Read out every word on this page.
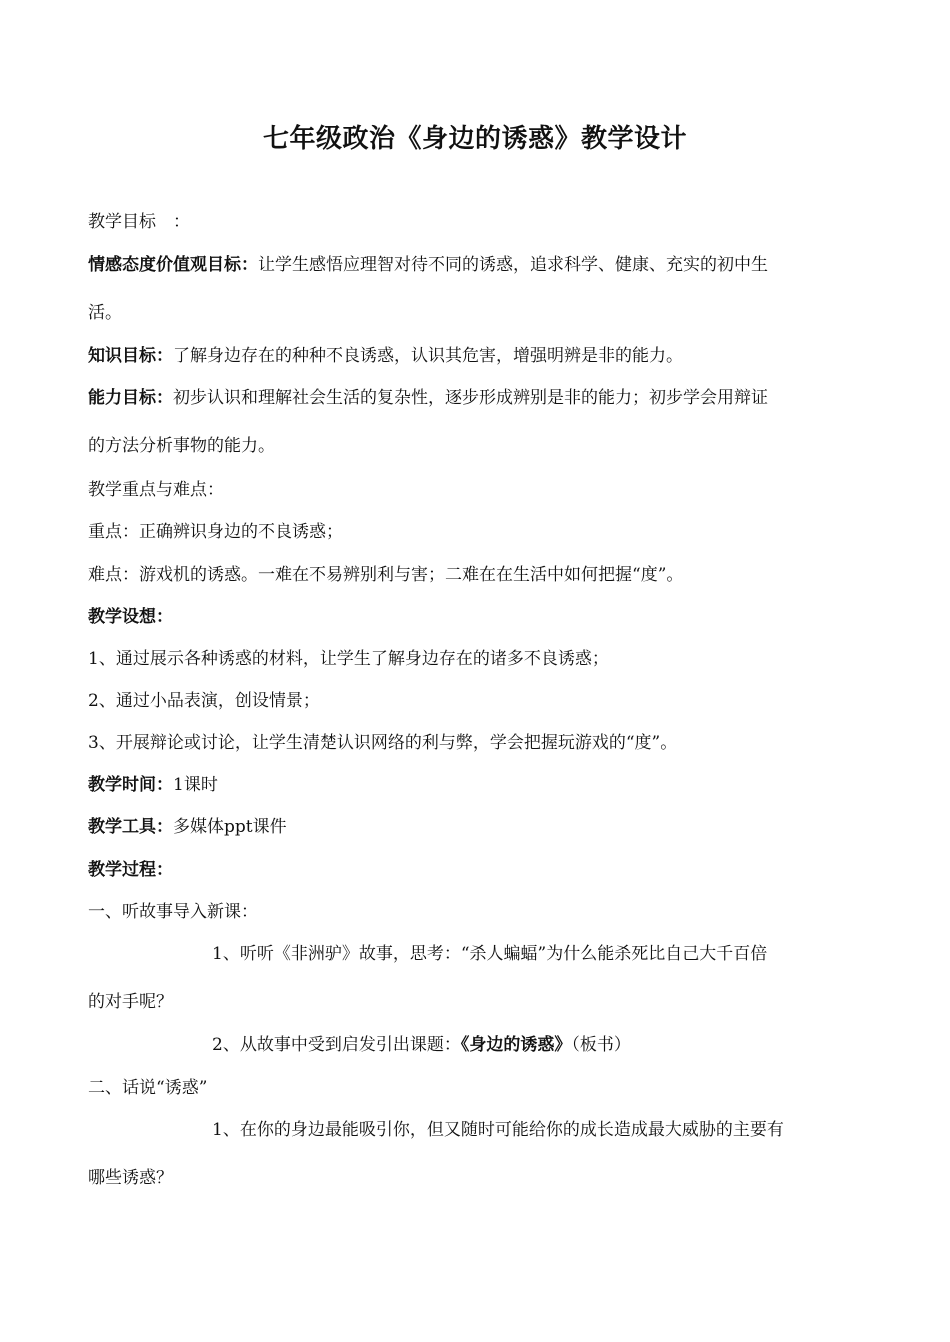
七年级政治《身边的诱惑》教学设计
教学目标　：
情感态度价值观目标：让学生感悟应理智对待不同的诱惑，追求科学、健康、充实的初中生
活。
知识目标：了解身边存在的种种不良诱惑，认识其危害，增强明辨是非的能力。
能力目标：初步认识和理解社会生活的复杂性，逐步形成辨别是非的能力；初步学会用辩证
的方法分析事物的能力。
教学重点与难点：
重点：正确辨识身边的不良诱惑；
难点：游戏机的诱惑。一难在不易辨别利与害；二难在在生活中如何把握“度”。
教学设想：
1、通过展示各种诱惑的材料，让学生了解身边存在的诸多不良诱惑；
2、通过小品表演，创设情景；
3、开展辩论或讨论，让学生清楚认识网络的利与弊，学会把握玩游戏的“度”。
教学时间：1课时
教学工具：多媒体ppt课件
教学过程：
一、听故事导入新课：
1、听听《非洲驴》故事，思考：“杀人蝙蝠”为什么能杀死比自己大千百倍
的对手呢？
2、从故事中受到启发引出课题：《身边的诱惑》（板书）
二、话说“诱惑”
1、在你的身边最能吸引你，但又随时可能给你的成长造成最大威胁的主要有
哪些诱惑？
